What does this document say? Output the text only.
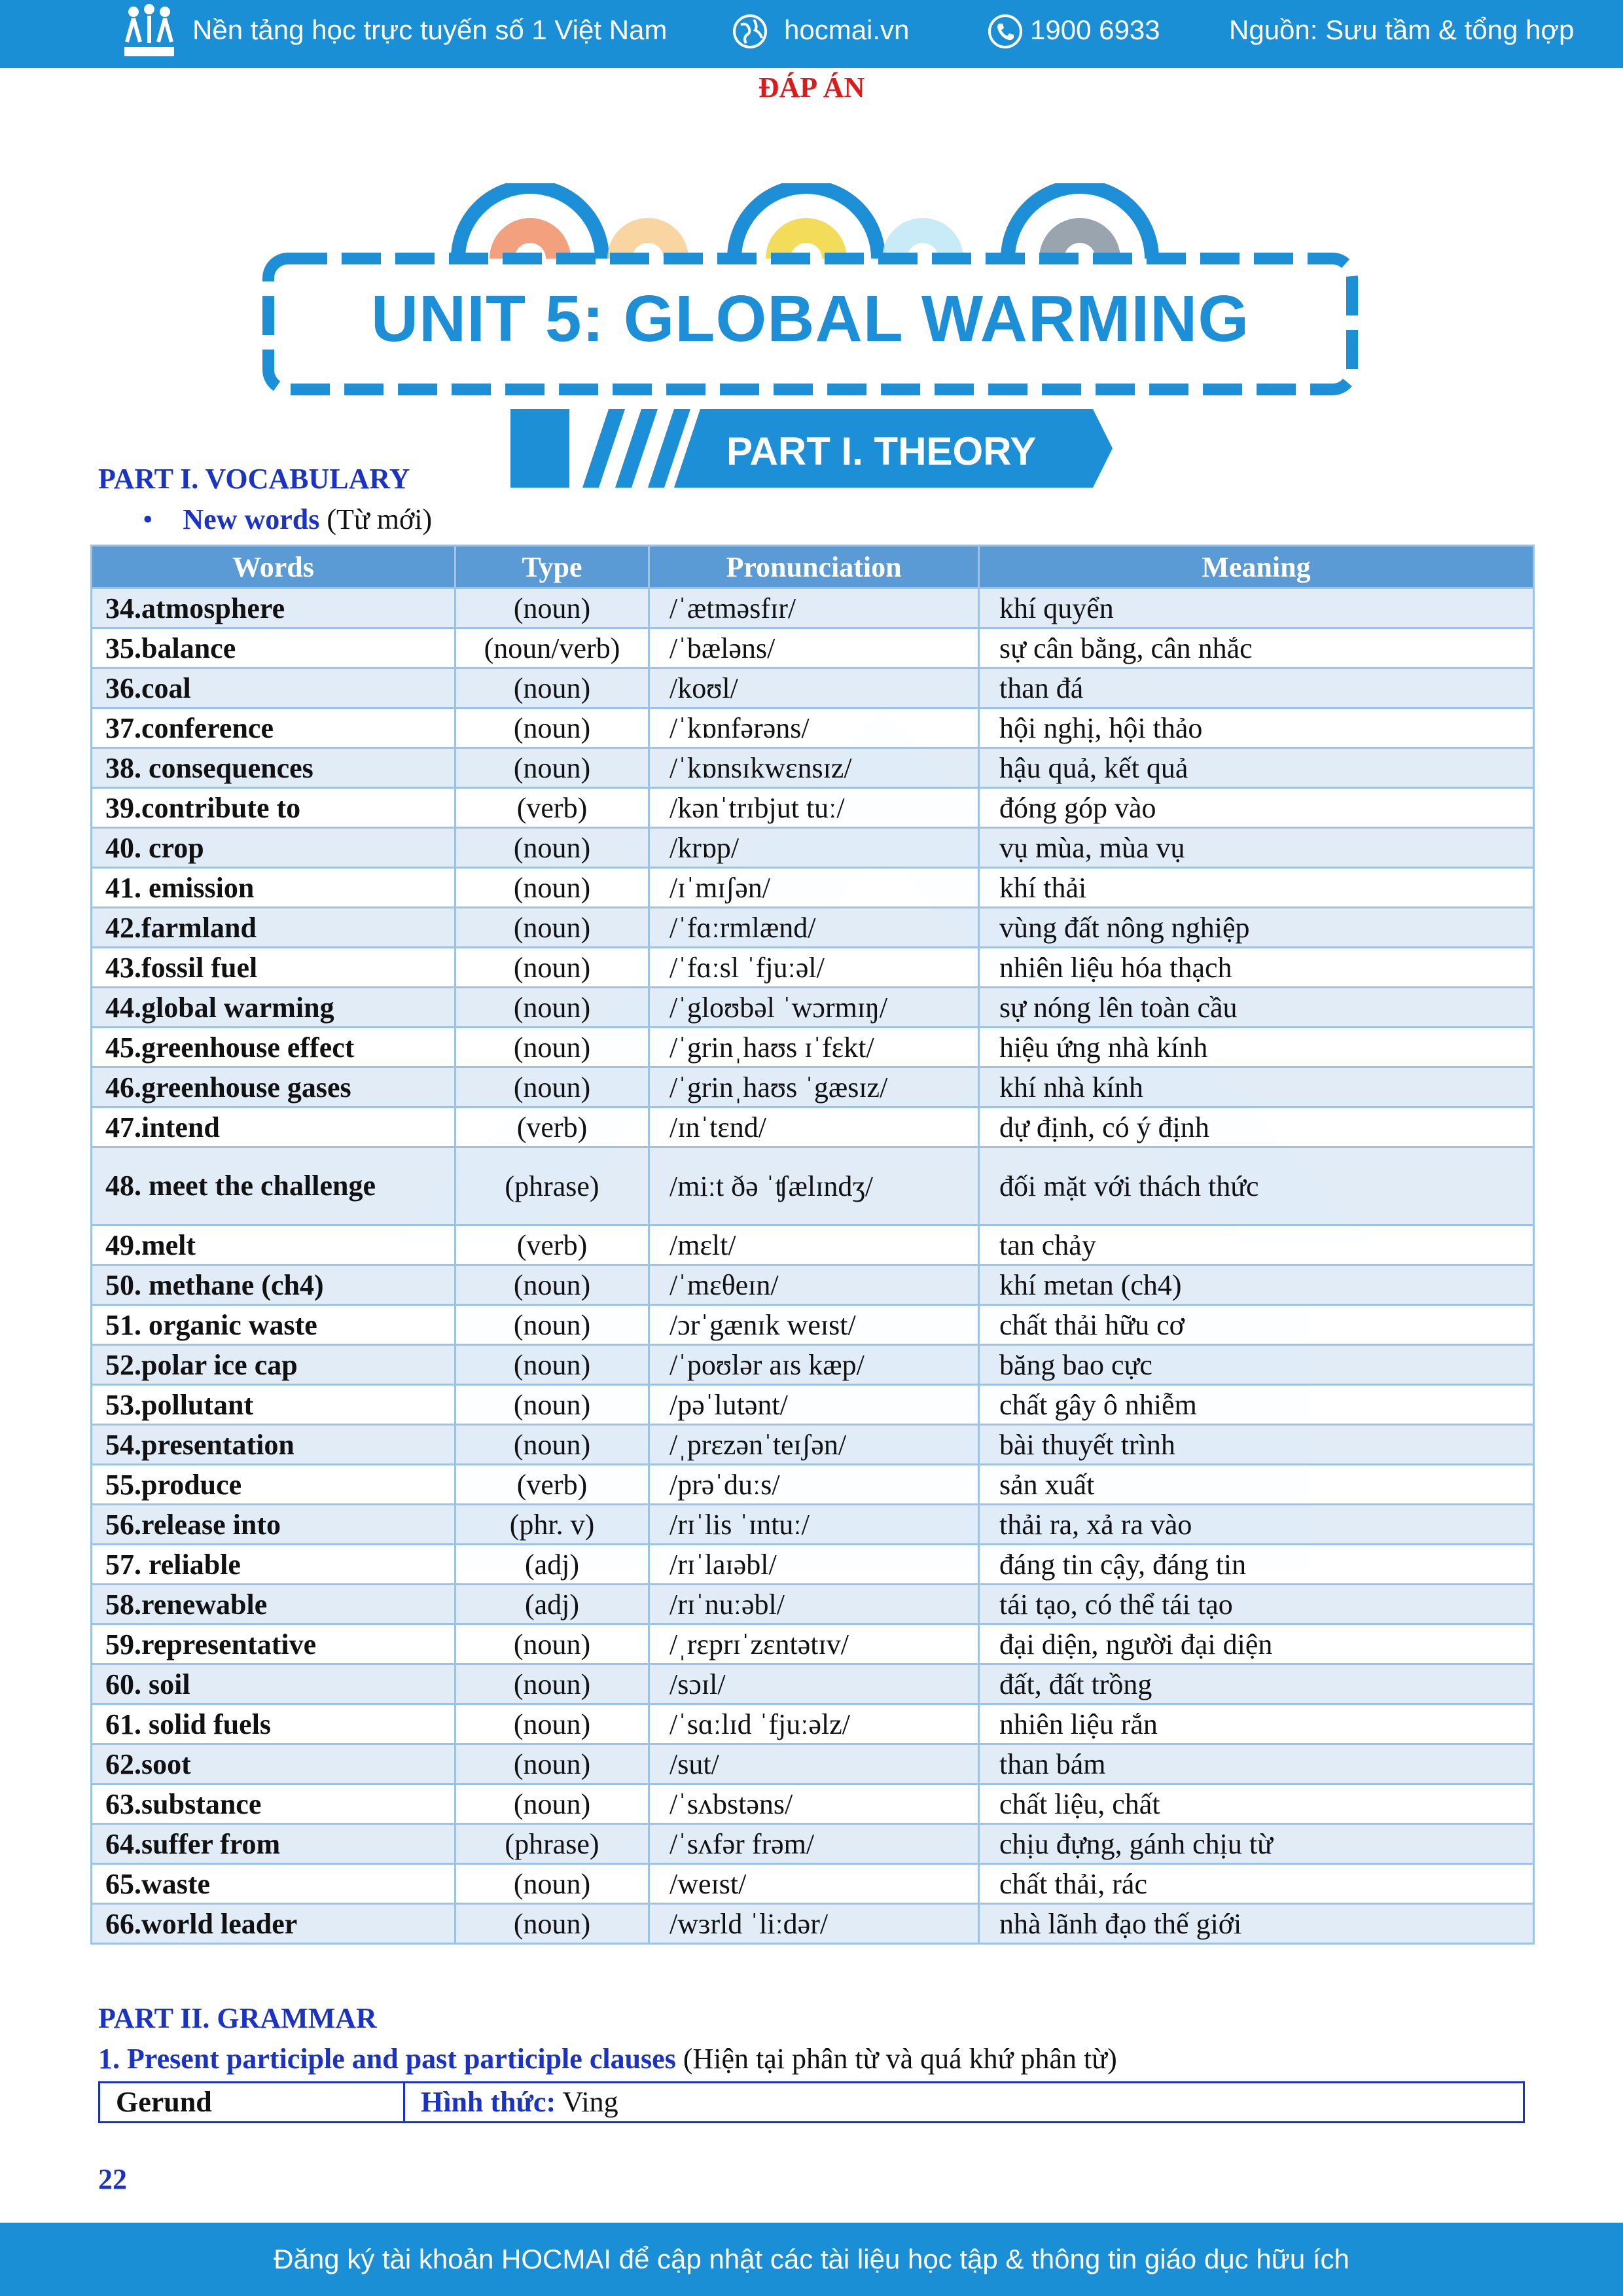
Nền tảng học trực tuyến số 1 Việt Nam	hocmai.vn	1900 6933	Nguồn: Sưu tầm & tổng hợp
ĐÁP ÁN
UNIT 5: GLOBAL WARMING
PART I. THEORY
PART I. VOCABULARY
• New words (Từ mới)
Words	Type	Pronunciation	Meaning
34.atmosphere	(noun)	/ˈætməsfɪr/	khí quyển
35.balance	(noun/verb)	/ˈbæləns/	sự cân bằng, cân nhắc
36.coal	(noun)	/koʊl/	than đá
37.conference	(noun)	/ˈkɒnfərəns/	hội nghị, hội thảo
38. consequences	(noun)	/ˈkɒnsɪkwɛnsɪz/	hậu quả, kết quả
39.contribute to	(verb)	/kənˈtrɪbjut tuː/	đóng góp vào
40. crop	(noun)	/krɒp/	vụ mùa, mùa vụ
41. emission	(noun)	/ɪˈmɪʃən/	khí thải
42.farmland	(noun)	/ˈfɑːrmlænd/	vùng đất nông nghiệp
43.fossil fuel	(noun)	/ˈfɑːsl ˈfjuːəl/	nhiên liệu hóa thạch
44.global warming	(noun)	/ˈgloʊbəl ˈwɔrmɪŋ/	sự nóng lên toàn cầu
45.greenhouse effect	(noun)	/ˈgrinˌhaʊs ɪˈfɛkt/	hiệu ứng nhà kính
46.greenhouse gases	(noun)	/ˈgrinˌhaʊs ˈgæsɪz/	khí nhà kính
47.intend	(verb)	/ɪnˈtɛnd/	dự định, có ý định
48. meet the challenge	(phrase)	/miːt ðə ˈʧælɪndʒ/	đối mặt với thách thức
49.melt	(verb)	/mɛlt/	tan chảy
50. methane (ch4)	(noun)	/ˈmɛθeɪn/	khí metan (ch4)
51. organic waste	(noun)	/ɔrˈgænɪk weɪst/	chất thải hữu cơ
52.polar ice cap	(noun)	/ˈpoʊlər aɪs kæp/	băng bao cực
53.pollutant	(noun)	/pəˈlutənt/	chất gây ô nhiễm
54.presentation	(noun)	/ˌprɛzənˈteɪʃən/	bài thuyết trình
55.produce	(verb)	/prəˈduːs/	sản xuất
56.release into	(phr. v)	/rɪˈlis ˈɪntuː/	thải ra, xả ra vào
57. reliable	(adj)	/rɪˈlaɪəbl/	đáng tin cậy, đáng tin
58.renewable	(adj)	/rɪˈnuːəbl/	tái tạo, có thể tái tạo
59.representative	(noun)	/ˌrɛprɪˈzɛntətɪv/	đại diện, người đại diện
60. soil	(noun)	/sɔɪl/	đất, đất trồng
61. solid fuels	(noun)	/ˈsɑːlɪd ˈfjuːəlz/	nhiên liệu rắn
62.soot	(noun)	/sut/	than bám
63.substance	(noun)	/ˈsʌbstəns/	chất liệu, chất
64.suffer from	(phrase)	/ˈsʌfər frəm/	chịu đựng, gánh chịu từ
65.waste	(noun)	/weɪst/	chất thải, rác
66.world leader	(noun)	/wɜrld ˈliːdər/	nhà lãnh đạo thế giới
PART II. GRAMMAR
1. Present participle and past participle clauses (Hiện tại phân từ và quá khứ phân từ)
Gerund	Hình thức: Ving
22
Đăng ký tài khoản HOCMAI để cập nhật các tài liệu học tập & thông tin giáo dục hữu ích
